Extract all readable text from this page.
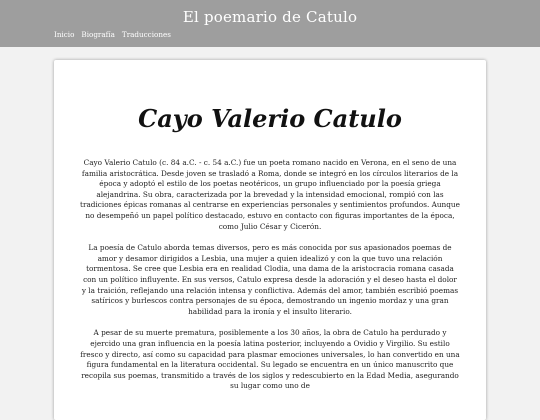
El poemario de Catulo
Inicio Biografía Traducciones
Cayo Valerio Catulo

Cayo Valerio Catulo (c. 84 a.C. - c. 54 a.C.) fue un poeta romano nacido en Verona, en el seno de una familia aristocrática. Desde joven se trasladó a Roma, donde se integró en los círculos literarios de la época y adoptó el estilo de los poetas neotéricos, un grupo influenciado por la poesía griega alejandrina. Su obra, caracterizada por la brevedad y la intensidad emocional, rompió con las tradiciones épicas romanas al centrarse en experiencias personales y sentimientos profundos. Aunque no desempeñó un papel político destacado, estuvo en contacto con figuras importantes de la época, como Julio César y Cicerón.

La poesía de Catulo aborda temas diversos, pero es más conocida por sus apasionados poemas de amor y desamor dirigidos a Lesbia, una mujer a quien idealizó y con la que tuvo una relación tormentosa. Se cree que Lesbia era en realidad Clodia, una dama de la aristocracia romana casada con un político influyente. En sus versos, Catulo expresa desde la adoración y el deseo hasta el dolor y la traición, reflejando una relación intensa y conflictiva. Además del amor, también escribió poemas satíricos y burlescos contra personajes de su época, demostrando un ingenio mordaz y una gran habilidad para la ironía y el insulto literario.

A pesar de su muerte prematura, posiblemente a los 30 años, la obra de Catulo ha perdurado y ejercido una gran influencia en la poesía latina posterior, incluyendo a Ovidio y Virgilio. Su estilo fresco y directo, así como su capacidad para plasmar emociones universales, lo han convertido en una figura fundamental en la literatura occidental. Su legado se encuentra en un único manuscrito que recopila sus poemas, transmitido a través de los siglos y redescubierto en la Edad Media, asegurando su lugar como uno de
